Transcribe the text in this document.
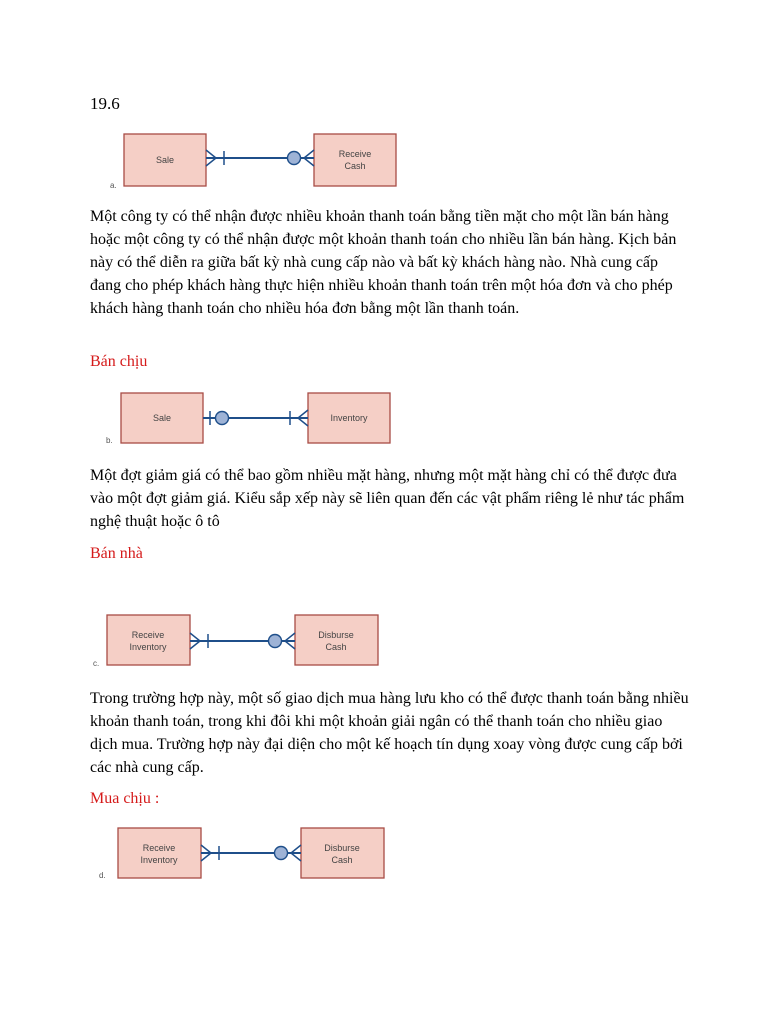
19.6
Sale
Receive Cash
a.

Một công ty có thể nhận được nhiều khoản thanh toán bằng tiền mặt cho một lần bán hàng hoặc một công ty có thể nhận được một khoản thanh toán cho nhiều lần bán hàng. Kịch bản này có thể diễn ra giữa bất kỳ nhà cung cấp nào và bất kỳ khách hàng nào. Nhà cung cấp đang cho phép khách hàng thực hiện nhiều khoản thanh toán trên một hóa đơn và cho phép khách hàng thanh toán cho nhiều hóa đơn bằng một lần thanh toán.

Bán chịu
Sale	Inventory
b.

Một đợt giảm giá có thể bao gồm nhiều mặt hàng, nhưng một mặt hàng chỉ có thể được đưa vào một đợt giảm giá. Kiểu sắp xếp này sẽ liên quan đến các vật phẩm riêng lẻ như tác phẩm nghệ thuật hoặc ô tô

Bán nhà
Receive Inventory
Disburse Cash
c.

Trong trường hợp này, một số giao dịch mua hàng lưu kho có thể được thanh toán bằng nhiều khoản thanh toán, trong khi đôi khi một khoản giải ngân có thể thanh toán cho nhiều giao dịch mua. Trường hợp này đại diện cho một kế hoạch tín dụng xoay vòng được cung cấp bởi các nhà cung cấp.

Mua chịu :
Receive Inventory
Disburse Cash
d.
